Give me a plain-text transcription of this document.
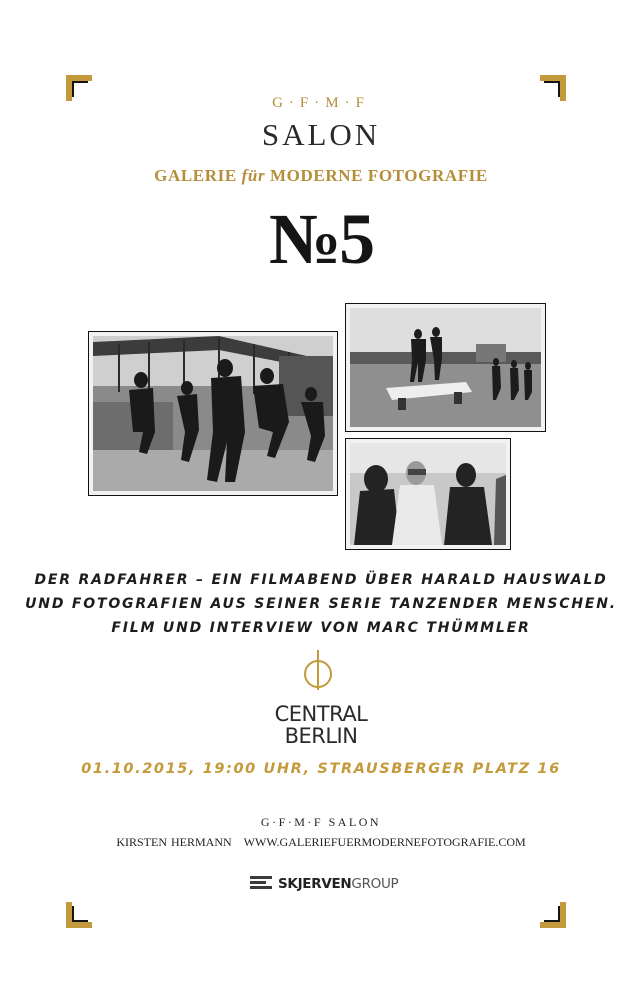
G·F·M·F
SALON
GALERIE für MODERNE FOTOGRAFIE
№5
DER RADFAHRER – EIN FILMABEND ÜBER HARALD HAUSWALD
UND FOTOGRAFIEN AUS SEINER SERIE TANZENDER MENSCHEN.
FILM UND INTERVIEW VON MARC THÜMMLER
CENTRAL
BERLIN
01.10.2015, 19:00 UHR, STRAUSBERGER PLATZ 16
G·F·M·F SALON
KIRSTEN HERMANN WWW.GALERIEFUERMODERNEFOTOGRAFIE.COM
SKJERVENGROUP
